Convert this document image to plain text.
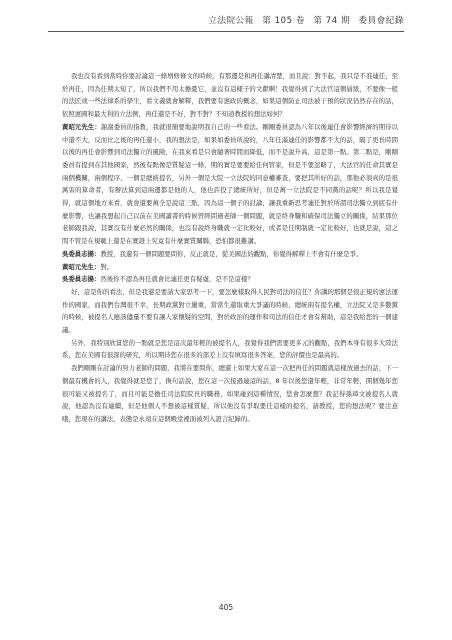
立法院公報 第 105 卷 第 74 期 委員會紀錄

我也沒有看到當時你要討論這一條增修條文的時候，有那邊是和再任講清楚，而且說：對不起，我只是不准連任，至於再任，因為任期太短了，所以我們不用太擔憂它，並沒有這樣子的文獻啊！我覺得到了大法官這個層級，不要像一般的法匠或一些法律系的學生，看文義就會解釋，我們要有憲政的概念，如果這個防止司法被干預的狀況仍然存在的話，依照憲國和最大利的立法例，再任還是不好，對不對？不知道教授的想法如何？

黃昭元先生：謝謝委員的指教，我就很簡要地說明我自己的一些看法。剛剛委員認為八年以後連任會影響經濟的期待以中還不大，反而比之後的再任還小，我的想法是，如果如委員所說的，八年任滿連任的影響都不大的話，隔了更長時間以後的再任會影響到司法獨立的風險，在我來看是只會隨著時間而降低，而不是說升高，這是第一點。第二點是，剛剛委員有提到在其他國家，然後有點像是質疑這一條，期的實是要要給任何管家，但是不要忽略了，大法官的任命其實是兩個機關，兩個程序，一個是總統提名，另外一個是大院一立法院的同意權審查，要把其所好的話，那他必須真的是很厲害的算命者，有辦法算到這兩邊都是他的人，他也許投了總統所好，但是萬一立法院是不同黨的話呢？所以我是覺得，就這個地方來看，就會還要萬全是說這三點，因為這一個子的討論，讓我重新思考連任對於所謂司法獨立到底有什麼影響，也讓我想起自己以前在美國讀書的時候曾經問過老師一個問題，就是終身職和確保司法獨立的關係，結果那位老師跟我說，其實沒有什麼必然的關係，也沒有說終身職就一定比較好，或者是任期制就一定比較好，也就是說，這之間不管是在規範上還是在實證上究竟有什麼實質關聯，恐怕都很難講。

吳委員志揚：教授，我還有一個問題要問你，反正就是，從美國法的觀點，你覺得解釋上不會有什麼是爭。

黃昭元先生：對。

吳委員志揚：然後你不認為再任就會比連任更有疑慮，是不是這樣？

好，這是你的看法，但是我還是要請大家思考一下，要怎麼樣取得人民對司法的信任？你講的那個是很正規的憲法運作的國家，而我們台灣很不幸，長期政黨對立嚴重，當當生還取重大爭議的時候，總統兩有提名權，立法院又是多數黨的時候，被提名人應該儘量不要有讓人家懷疑的空間，對於政治的運作和司法的信任才會有幫助，這是我給您的一個建議。

另外，我特別欣賞您的一點就是您是這次最年輕的被提名人，我覺得我們需要更多元的觀點，我們本身有很多大陸法系，您在美國有很深的研究，所以期待您在很多的部差上沒有填寫很多答案，您的評價也是最高的。

我們剛剛在討論的努力老師的問題，我將在要問你，總還上如果大家在這一次把再任的問題就這樣放過去的話，下一個最有機會的人，我覺得就是您了，換句話說，您在這一次接過連這的話，8 年以後您還年輕，非常年輕，開個幾年您很可能又被提名了，而且可能是擔任司法院院長的職務，如果碰到這種情況，您會怎麼想？我記得孫璋文被提名人就說，他認為沒有連續，但是他個人不想被這樣質疑，所以他沒有爭取要任這樣的提名，請教授，您的想法呢？要注意哦，您現在的講法，表態是永遠在這個殿堂裡面被列入證言紀錄的。

405
